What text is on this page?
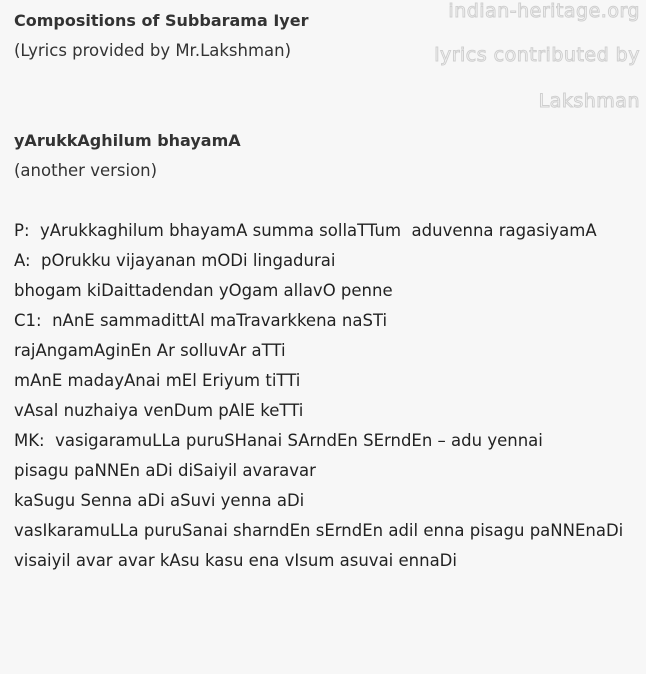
indian-heritage.org
lyrics contributed by
Lakshman
Compositions of Subbarama Iyer
(Lyrics provided by Mr.Lakshman)
yArukkAghilum bhayamA
(another version)
P:  yArukkaghilum bhayamA summa sollaTTum  aduvenna ragasiyamA
A:  pOrukku vijayanan mODi lingadurai
bhogam kiDaittadendan yOgam allavO penne
C1:  nAnE sammadittAl maTravarkkena naSTi
rajAngamAginEn Ar solluvAr aTTi
mAnE madayAnai mEl Eriyum tiTTi
vAsal nuzhaiya venDum pAlE keTTi
MK:  vasigaramuLLa puruSHanai SArndEn SErndEn – adu yennai
pisagu paNNEn aDi diSaiyil avaravar
kaSugu Senna aDi aSuvi yenna aDi
vasIkaramuLLa puruSanai sharndEn sErndEn adil enna pisagu paNNEnaDi
visaiyil avar avar kAsu kasu ena vIsum asuvai ennaDi
